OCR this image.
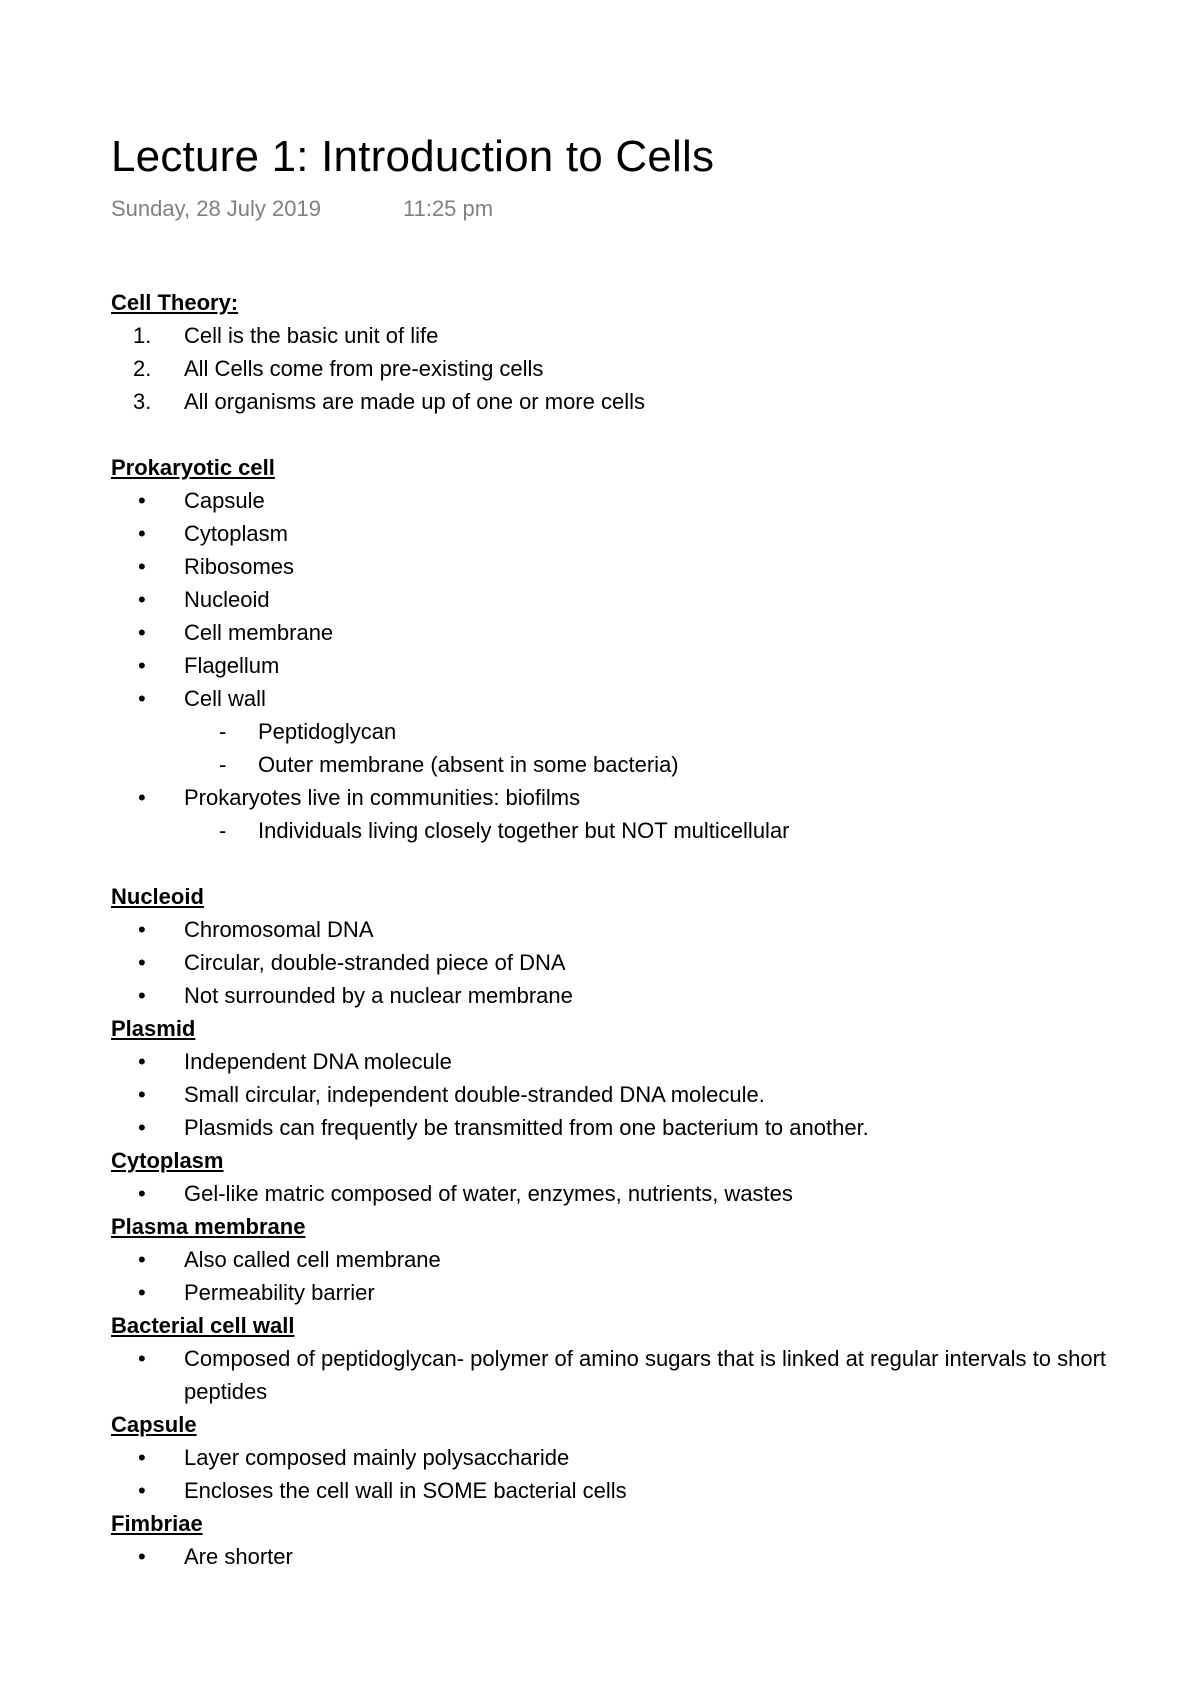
Lecture 1: Introduction to Cells
Sunday, 28 July 2019	11:25 pm

Cell Theory:

1. Cell is the basic unit of life
2. All Cells come from pre-existing cells
3. All organisms are made up of one or more cells

Prokaryotic cell

• Capsule
• Cytoplasm
• Ribosomes
• Nucleoid
• Cell membrane
• Flagellum
• Cell wall
- Peptidoglycan
- Outer membrane (absent in some bacteria)
• Prokaryotes live in communities: biofilms
- Individuals living closely together but NOT multicellular

Nucleoid

• Chromosomal DNA
• Circular, double-stranded piece of DNA
• Not surrounded by a nuclear membrane

Plasmid

• Independent DNA molecule
• Small circular, independent double-stranded DNA molecule.
• Plasmids can frequently be transmitted from one bacterium to another.

Cytoplasm

• Gel-like matric composed of water, enzymes, nutrients, wastes

Plasma membrane

• Also called cell membrane
• Permeability barrier

Bacterial cell wall

• Composed of peptidoglycan- polymer of amino sugars that is linked at regular intervals to short peptides

Capsule

• Layer composed mainly polysaccharide
• Encloses the cell wall in SOME bacterial cells

Fimbriae

• Are shorter
